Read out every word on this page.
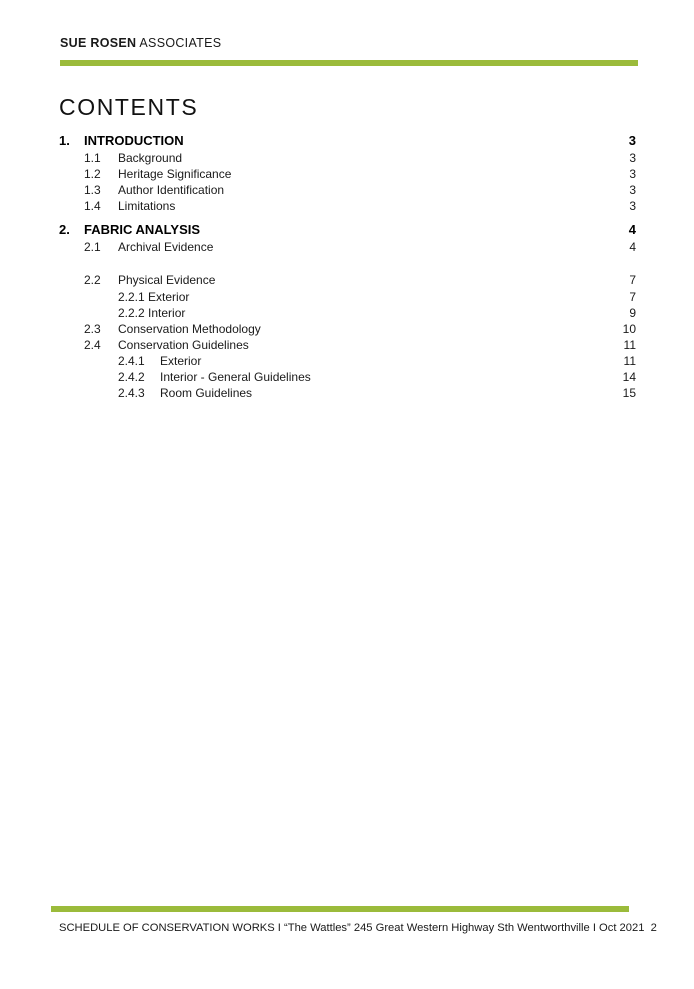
SUE ROSEN ASSOCIATES
CONTENTS
1. INTRODUCTION	3
1.1 Background	3
1.2 Heritage Significance	3
1.3 Author Identification	3
1.4 Limitations	3
2. FABRIC ANALYSIS	4
2.1 Archival Evidence	4
2.2 Physical Evidence	7
2.2.1 Exterior	7
2.2.2 Interior	9
2.3 Conservation Methodology	10
2.4 Conservation Guidelines	11
2.4.1 Exterior	11
2.4.2 Interior - General Guidelines	14
2.4.3 Room Guidelines	15
SCHEDULE OF CONSERVATION WORKS I “The Wattles” 245 Great Western Highway Sth Wentworthville I Oct 2021 2
